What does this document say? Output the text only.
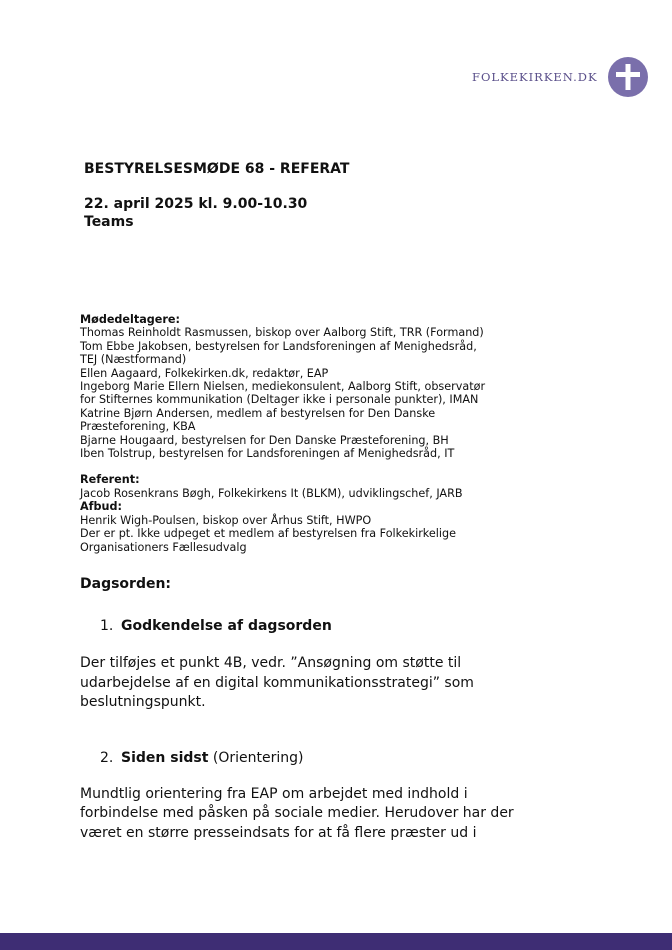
FOLKEKIRKEN.DK

BESTYRELSESMØDE 68 - REFERAT

22. april 2025 kl. 9.00-10.30

Teams

Mødedeltagere:
Thomas Reinholdt Rasmussen, biskop over Aalborg Stift, TRR (Formand)
Tom Ebbe Jakobsen, bestyrelsen for Landsforeningen af Menighedsråd,
TEJ (Næstformand)
Ellen Aagaard, Folkekirken.dk, redaktør, EAP
Ingeborg Marie Ellern Nielsen, mediekonsulent, Aalborg Stift, observatør
for Stifternes kommunikation (Deltager ikke i personale punkter), IMAN
Katrine Bjørn Andersen, medlem af bestyrelsen for Den Danske
Præsteforening, KBA
Bjarne Hougaard, bestyrelsen for Den Danske Præsteforening, BH
Iben Tolstrup, bestyrelsen for Landsforeningen af Menighedsråd, IT
Referent:
Jacob Rosenkrans Bøgh, Folkekirkens It (BLKM), udviklingschef, JARB
Afbud:
Henrik Wigh-Poulsen, biskop over Århus Stift, HWPO
Der er pt. Ikke udpeget et medlem af bestyrelsen fra Folkekirkelige
Organisationers Fællesudvalg

Dagsorden:

1. Godkendelse af dagsorden

Der tilføjes et punkt 4B, vedr. ”Ansøgning om støtte til

udarbejdelse af en digital kommunikationsstrategi” som

beslutningspunkt.

2. Siden sidst (Orientering)

Mundtlig orientering fra EAP om arbejdet med indhold i

forbindelse med påsken på sociale medier. Herudover har der

været en større presseindsats for at få flere præster ud i
